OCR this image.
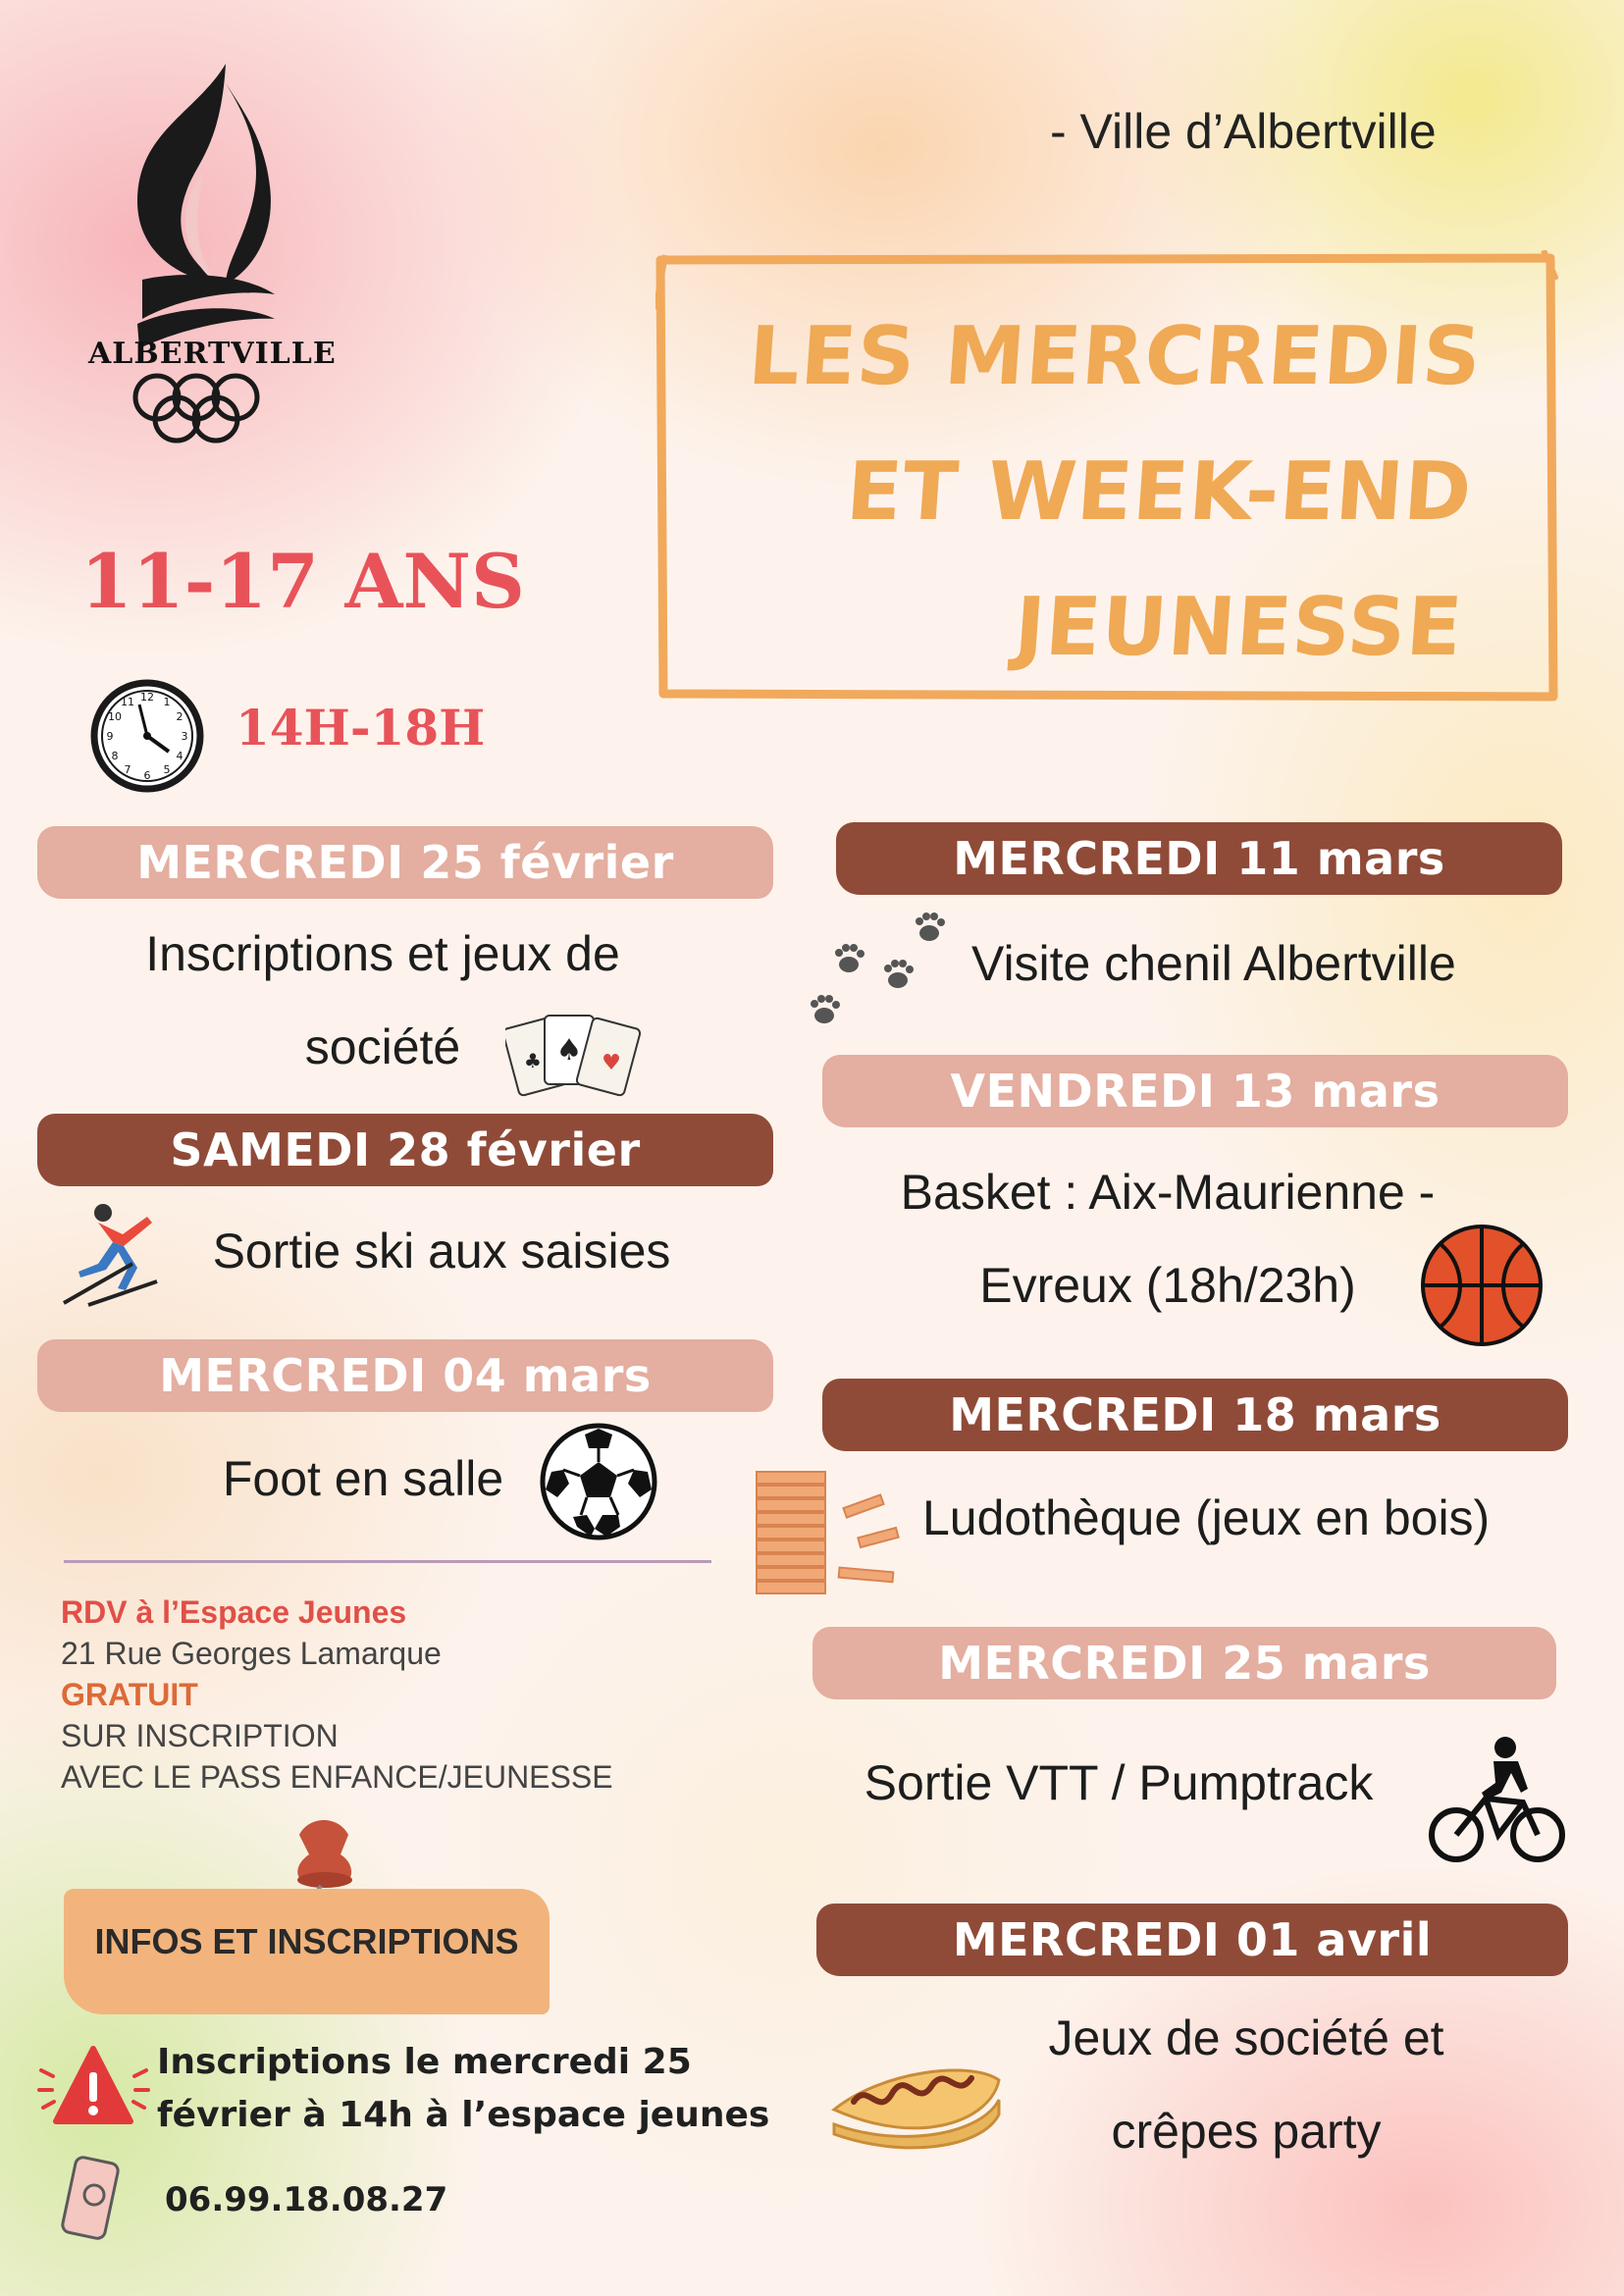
ALBERTVILLE
- Ville d’Albertville
LES MERCREDIS
ET WEEK-END
JEUNESSE
11-17 ANS
12 1
2
3
4
5
6
7
8
9
10
11 14H-18H
MERCREDI 25 février
Inscriptions et jeux de
société	♠ ♥
♣
SAMEDI 28 février
Sortie ski aux saisies
MERCREDI 04 mars
Foot en salle
RDV à l’Espace Jeunes
21 Rue Georges Lamarque
GRATUIT
SUR INSCRIPTION
AVEC LE PASS ENFANCE/JEUNESSE
INFOS ET INSCRIPTIONS
Inscriptions le mercredi 25
février à 14h à l’espace jeunes
06.99.18.08.27
MERCREDI 11 mars
Visite chenil Albertville
VENDREDI 13 mars
Basket : Aix-Maurienne -
Evreux (18h/23h)
MERCREDI 18 mars
Ludothèque (jeux en bois)
MERCREDI 25 mars
Sortie VTT / Pumptrack
MERCREDI 01 avril
Jeux de société et
crêpes party
